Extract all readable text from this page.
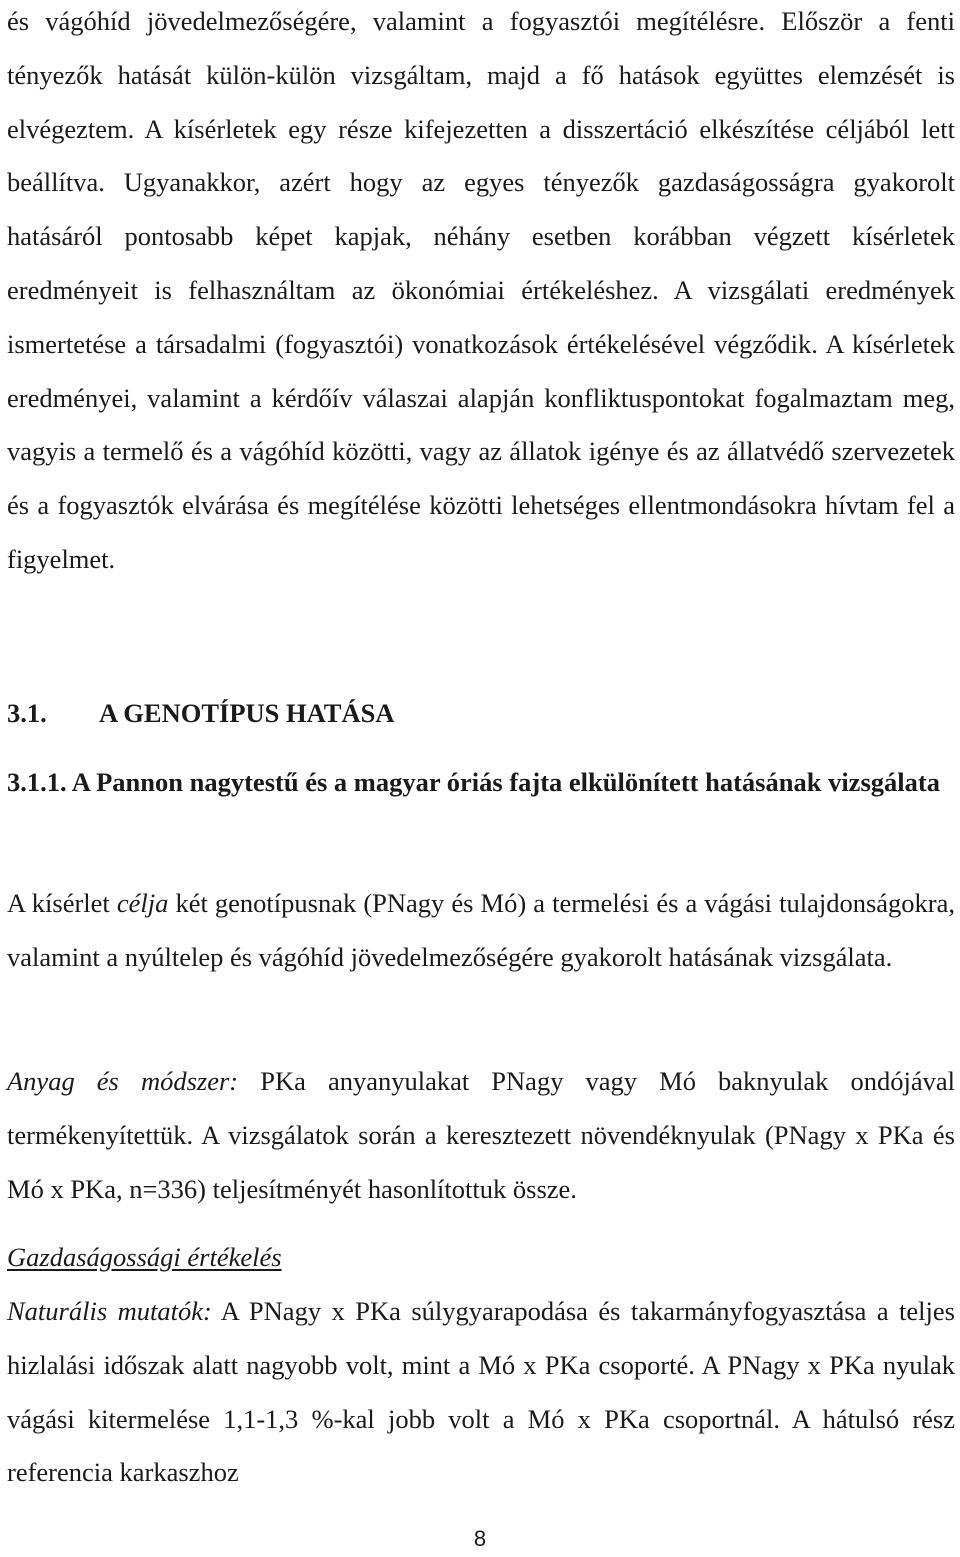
és vágóhíd jövedelmezőségére, valamint a fogyasztói megítélésre. Először a fenti tényezők hatását külön-külön vizsgáltam, majd a fő hatások együttes elemzését is elvégeztem. A kísérletek egy része kifejezetten a disszertáció elkészítése céljából lett beállítva. Ugyanakkor, azért hogy az egyes tényezők gazdaságosságra gyakorolt hatásáról pontosabb képet kapjak, néhány esetben korábban végzett kísérletek eredményeit is felhasználtam az ökonómiai értékeléshez. A vizsgálati eredmények ismertetése a társadalmi (fogyasztói) vonatkozások értékelésével végződik. A kísérletek eredményei, valamint a kérdőív válaszai alapján konfliktuspontokat fogalmaztam meg, vagyis a termelő és a vágóhíd közötti, vagy az állatok igénye és az állatvédő szervezetek és a fogyasztók elvárása és megítélése közötti lehetséges ellentmondásokra hívtam fel a figyelmet.

3.1. A GENOTÍPUS HATÁSA
3.1.1. A Pannon nagytestű és a magyar óriás fajta elkülönített hatásának vizsgálata

A kísérlet célja két genotípusnak (PNagy és Mó) a termelési és a vágási tulajdonságokra, valamint a nyúltelep és vágóhíd jövedelmezőségére gyakorolt hatásának vizsgálata.

Anyag és módszer: PKa anyanyulakat PNagy vagy Mó baknyulak ondójával termékenyítettük. A vizsgálatok során a keresztezett növendéknyulak (PNagy x PKa és Mó x PKa, n=336) teljesítményét hasonlítottuk össze.

Gazdaságossági értékelés

Naturális mutatók: A PNagy x PKa súlygyarapodása és takarmányfogyasztása a teljes hizlalási időszak alatt nagyobb volt, mint a Mó x PKa csoporté. A PNagy x PKa nyulak vágási kitermelése 1,1-1,3 %-kal jobb volt a Mó x PKa csoportnál. A hátulsó rész referencia karkaszhoz

8
